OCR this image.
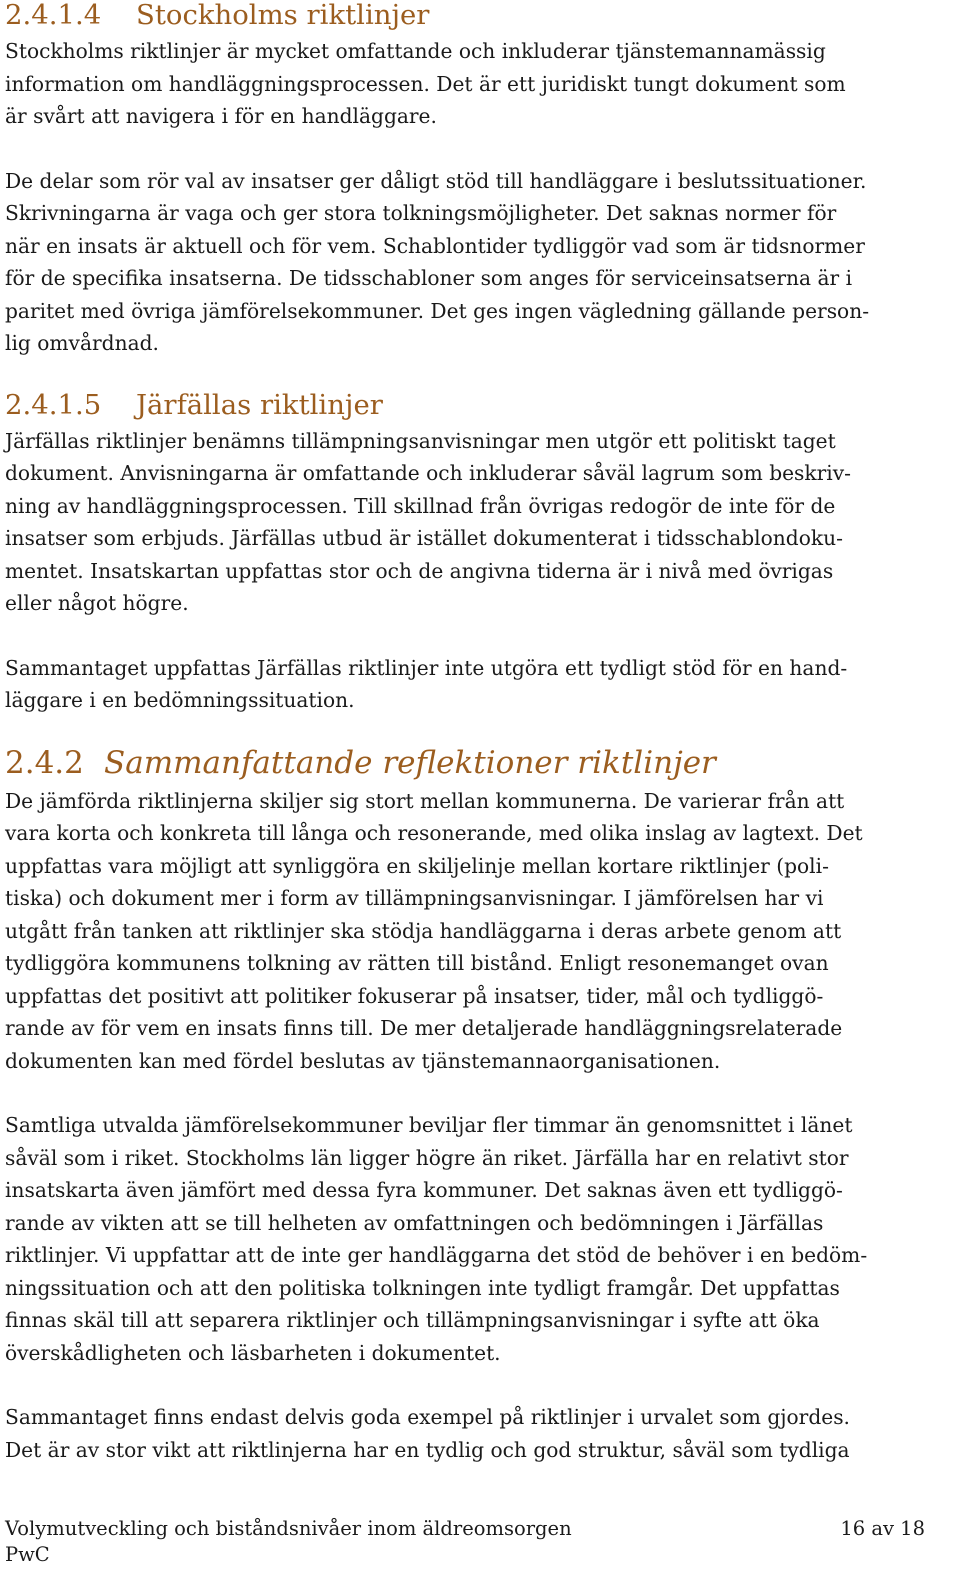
2.4.1.4 Stockholms riktlinjer

Stockholms riktlinjer är mycket omfattande och inkluderar tjänstemannamässig
information om handläggningsprocessen. Det är ett juridiskt tungt dokument som
är svårt att navigera i för en handläggare.

De delar som rör val av insatser ger dåligt stöd till handläggare i beslutssituationer.
Skrivningarna är vaga och ger stora tolkningsmöjligheter. Det saknas normer för
när en insats är aktuell och för vem. Schablontider tydliggör vad som är tidsnormer
för de specifika insatserna. De tidsschabloner som anges för serviceinsatserna är i
paritet med övriga jämförelsekommuner. Det ges ingen vägledning gällande person-
lig omvårdnad.

2.4.1.5 Järfällas riktlinjer

Järfällas riktlinjer benämns tillämpningsanvisningar men utgör ett politiskt taget
dokument. Anvisningarna är omfattande och inkluderar såväl lagrum som beskriv-
ning av handläggningsprocessen. Till skillnad från övrigas redogör de inte för de
insatser som erbjuds. Järfällas utbud är istället dokumenterat i tidsschablondoku-
mentet. Insatskartan uppfattas stor och de angivna tiderna är i nivå med övrigas
eller något högre.

Sammantaget uppfattas Järfällas riktlinjer inte utgöra ett tydligt stöd för en hand-
läggare i en bedömningssituation.

2.4.2 Sammanfattande reflektioner riktlinjer

De jämförda riktlinjerna skiljer sig stort mellan kommunerna. De varierar från att
vara korta och konkreta till långa och resonerande, med olika inslag av lagtext. Det
uppfattas vara möjligt att synliggöra en skiljelinje mellan kortare riktlinjer (poli-
tiska) och dokument mer i form av tillämpningsanvisningar. I jämförelsen har vi
utgått från tanken att riktlinjer ska stödja handläggarna i deras arbete genom att
tydliggöra kommunens tolkning av rätten till bistånd. Enligt resonemanget ovan
uppfattas det positivt att politiker fokuserar på insatser, tider, mål och tydliggö-
rande av för vem en insats finns till. De mer detaljerade handläggningsrelaterade
dokumenten kan med fördel beslutas av tjänstemannaorganisationen.

Samtliga utvalda jämförelsekommuner beviljar fler timmar än genomsnittet i länet
såväl som i riket. Stockholms län ligger högre än riket. Järfälla har en relativt stor
insatskarta även jämfört med dessa fyra kommuner. Det saknas även ett tydliggö-
rande av vikten att se till helheten av omfattningen och bedömningen i Järfällas
riktlinjer. Vi uppfattar att de inte ger handläggarna det stöd de behöver i en bedöm-
ningssituation och att den politiska tolkningen inte tydligt framgår. Det uppfattas
finnas skäl till att separera riktlinjer och tillämpningsanvisningar i syfte att öka
överskådligheten och läsbarheten i dokumentet.

Sammantaget finns endast delvis goda exempel på riktlinjer i urvalet som gjordes.
Det är av stor vikt att riktlinjerna har en tydlig och god struktur, såväl som tydliga

Volymutveckling och biståndsnivåer inom äldreomsorgen	16 av 18
PwC
